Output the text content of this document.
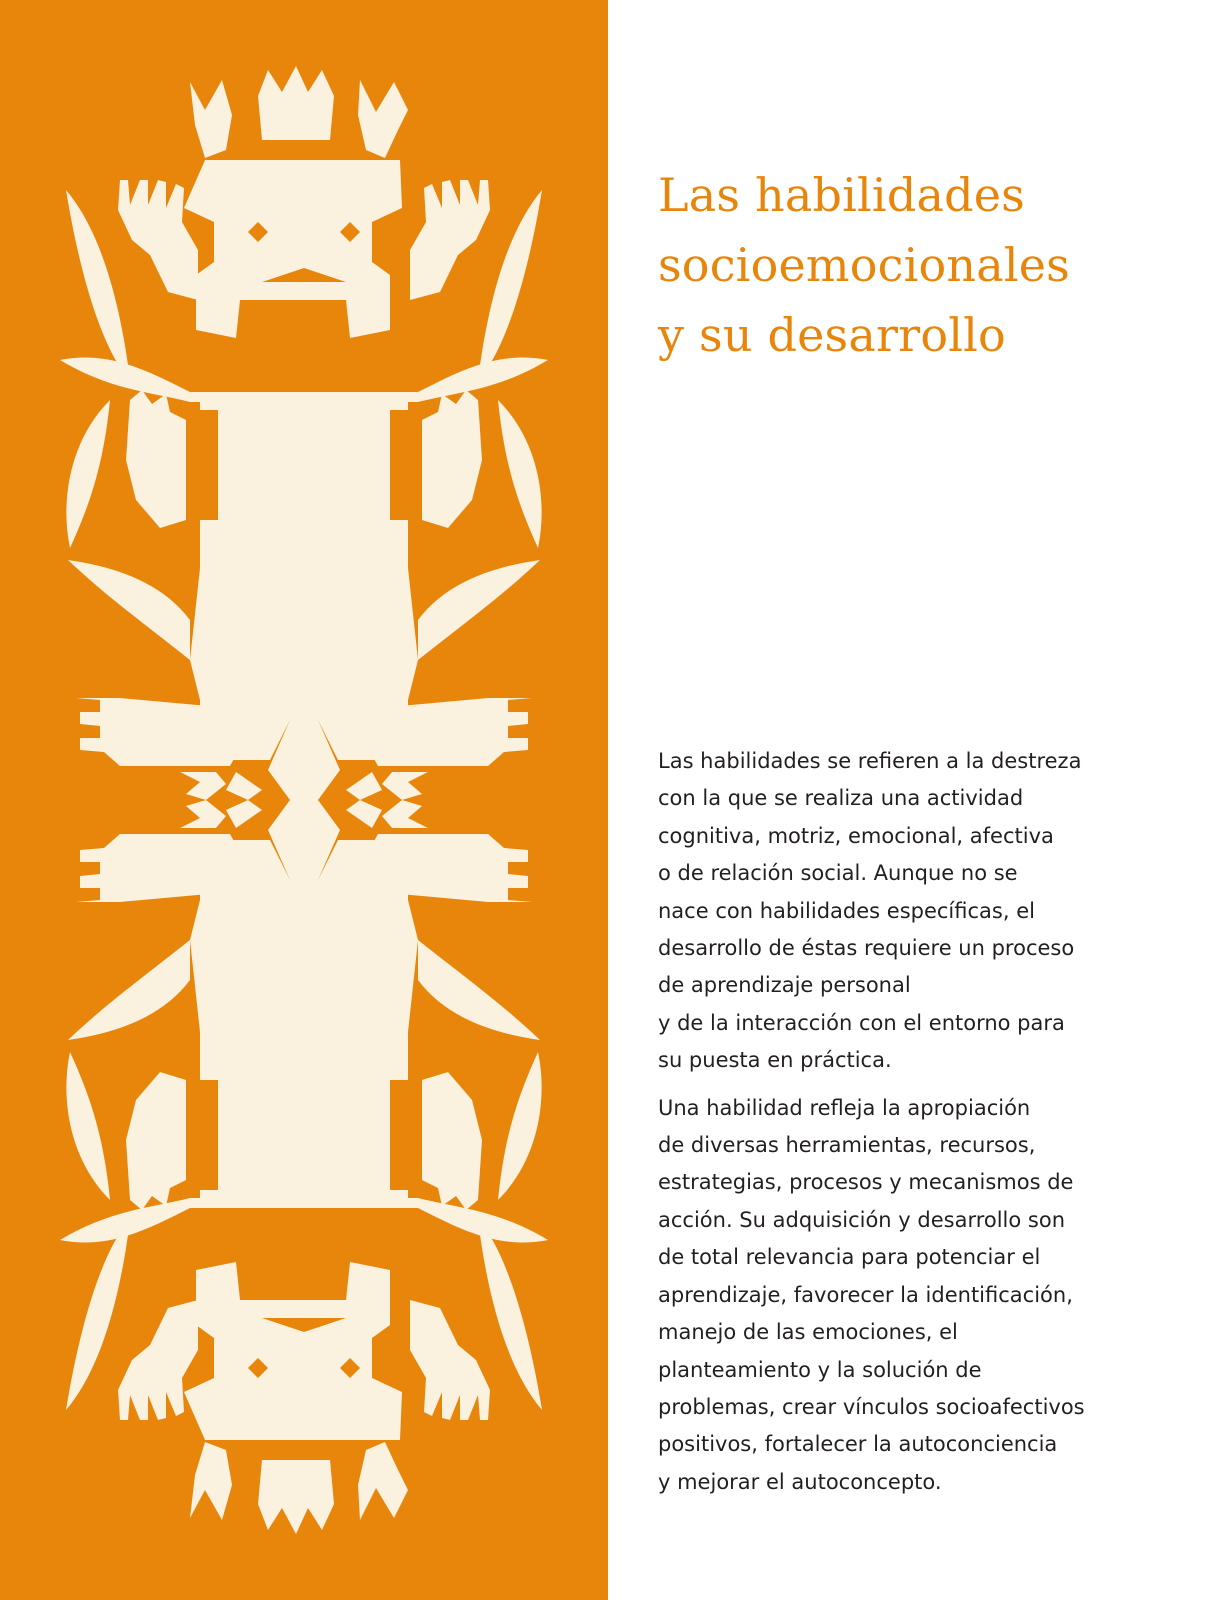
Las habilidades
socioemocionales
y su desarrollo

Las habilidades se refieren a la destreza
con la que se realiza una actividad
cognitiva, motriz, emocional, afectiva
o de relación social. Aunque no se
nace con habilidades específicas, el
desarrollo de éstas requiere un proceso
de aprendizaje personal
y de la interacción con el entorno para
su puesta en práctica.

Una habilidad refleja la apropiación
de diversas herramientas, recursos,
estrategias, procesos y mecanismos de
acción. Su adquisición y desarrollo son
de total relevancia para potenciar el
aprendizaje, favorecer la identificación,
manejo de las emociones, el
planteamiento y la solución de
problemas, crear vínculos socioafectivos
positivos, fortalecer la autoconciencia
y mejorar el autoconcepto.
